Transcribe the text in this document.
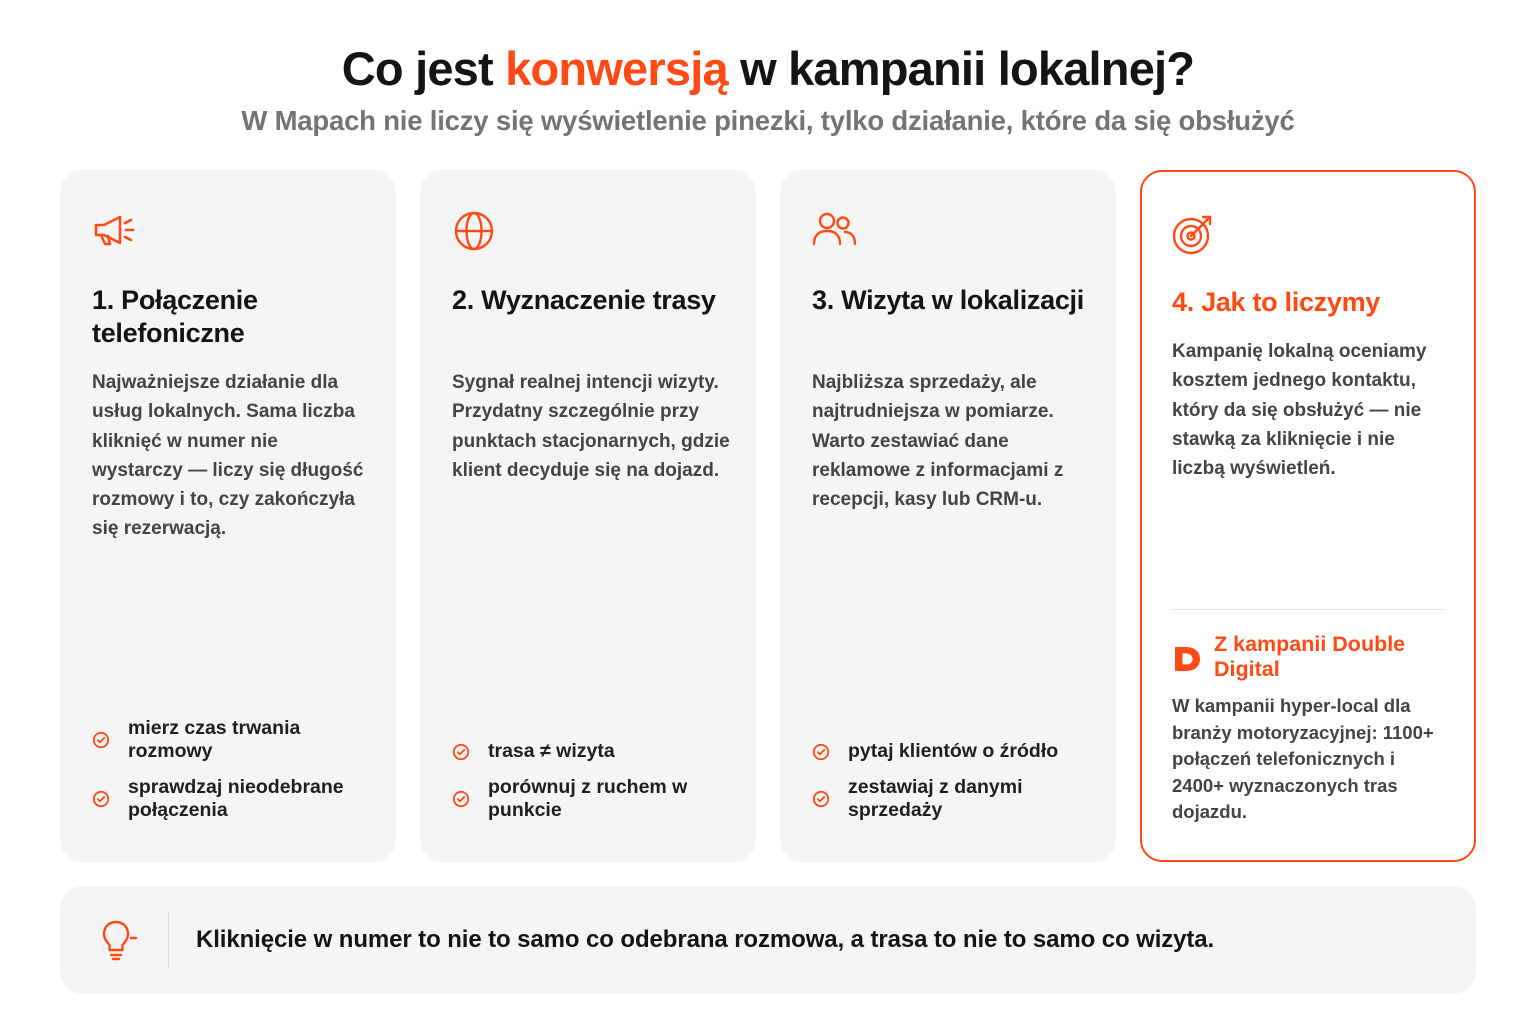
Co jest konwersją w kampanii lokalnej?
W Mapach nie liczy się wyświetlenie pinezki, tylko działanie, które da się obsłużyć
1. Połączenie telefoniczne
Najważniejsze działanie dla usług lokalnych. Sama liczba kliknięć w numer nie wystarczy — liczy się długość rozmowy i to, czy zakończyła się rezerwacją.
mierz czas trwania rozmowy
sprawdzaj nieodebrane połączenia
2. Wyznaczenie trasy
Sygnał realnej intencji wizyty. Przydatny szczególnie przy punktach stacjonarnych, gdzie klient decyduje się na dojazd.
trasa ≠ wizyta
porównuj z ruchem w punkcie
3. Wizyta w lokalizacji
Najbliższa sprzedaży, ale najtrudniejsza w pomiarze. Warto zestawiać dane reklamowe z informacjami z recepcji, kasy lub CRM-u.
pytaj klientów o źródło
zestawiaj z danymi sprzedaży
4. Jak to liczymy
Kampanię lokalną oceniamy kosztem jednego kontaktu, który da się obsłużyć — nie stawką za kliknięcie i nie liczbą wyświetleń.
Z kampanii Double Digital
W kampanii hyper-local dla branży motoryzacyjnej: 1100+ połączeń telefonicznych i 2400+ wyznaczonych tras dojazdu.
Kliknięcie w numer to nie to samo co odebrana rozmowa, a trasa to nie to samo co wizyta.
